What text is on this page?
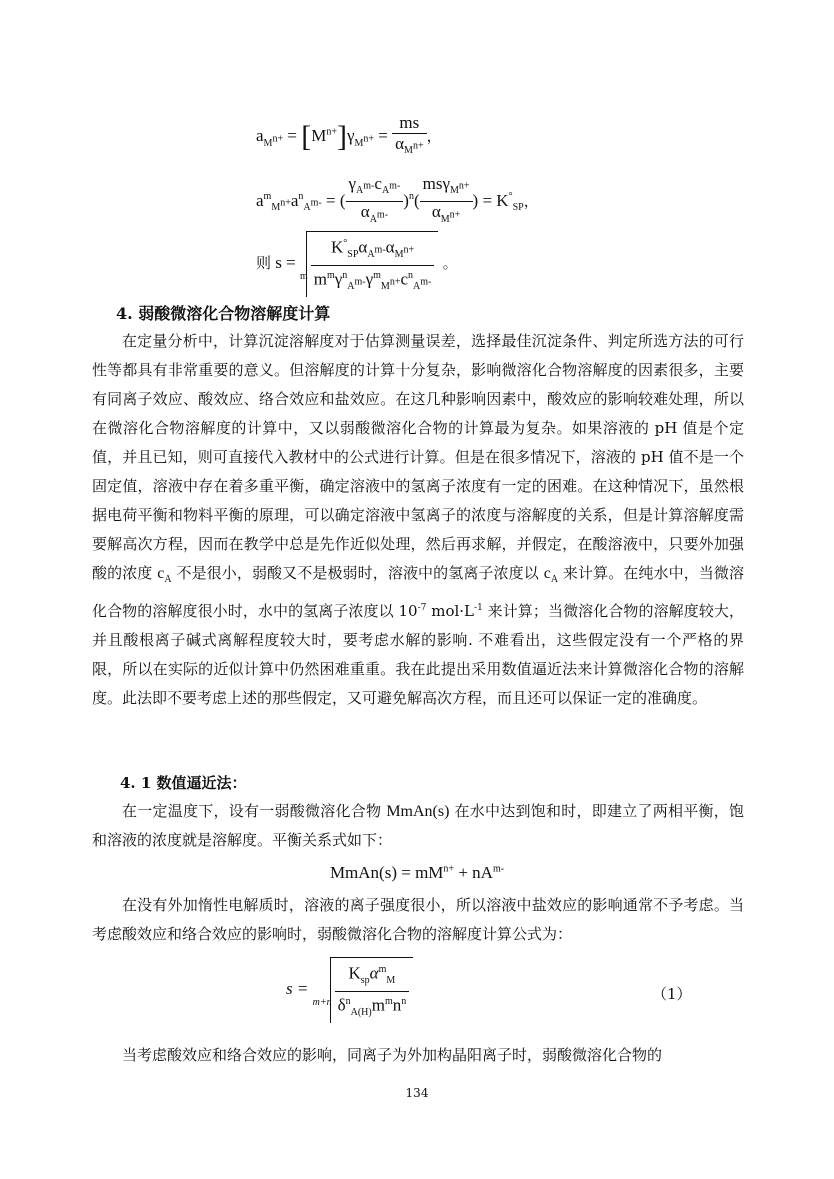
$a_{M^{n+}} = [M^{n+}]\gamma_{M^{n+}} = \frac{ms}{\alpha_{M^{n+}}}$ ，
$a^m_{M^{n+}}a^n_{A^{m-}}$ = ( $\frac{\gamma_{A^{m-}}c_{A^{m-}}}{\alpha_{A^{m-}}} )^n( \frac{ms\gamma_{M^{n+}}}{\alpha_{M^{n+}}}$ ) = $K^\circ_{SP}$，
则 $s = _m \frac{K^\circ_{SP}\alpha_{A^{m-}}\alpha_{M^{n+}}}{m^m\gamma^n_{A^{m-}}\gamma^m_{M^{n+}}c^n_{A^{m-}}}$ 。
4. 弱酸微溶化合物溶解度计算
在定量分析中，计算沉淀溶解度对于估算测量误差，选择最佳沉淀条件、判定所选方法的可行性等都具有非常重要的意义。但溶解度的计算十分复杂，影响微溶化合物溶解度的因素很多，主要有同离子效应、酸效应、络合效应和盐效应。在这几种影响因素中，酸效应的影响较难处理，所以在微溶化合物溶解度的计算中，又以弱酸微溶化合物的计算最为复杂。如果溶液的 pH 值是个定值，并且已知，则可直接代入教材中的公式进行计算。但是在很多情况下，溶液的 pH 值不是一个固定值，溶液中存在着多重平衡，确定溶液中的氢离子浓度有一定的困难。在这种情况下，虽然根据电荷平衡和物料平衡的原理，可以确定溶液中氢离子的浓度与溶解度的关系，但是计算溶解度需要解高次方程，因而在教学中总是先作近似处理，然后再求解，并假定，在酸溶液中，只要外加强酸的浓度 $c_A$ 不是很小，弱酸又不是极弱时，溶液中的氢离子浓度以 $c_A$ 来计算。在纯水中，当微溶化合物的溶解度很小时，水中的氢离子浓度以 $10^{-7}$ $mol\cdot L^{-1}$ 来计算；当微溶化合物的溶解度较大，并且酸根离子碱式离解程度较大时，要考虑水解的影响. 不难看出，这些假定没有一个严格的界限，所以在实际的近似计算中仍然困难重重。我在此提出采用数值逼近法来计算微溶化合物的溶解度。此法即不要考虑上述的那些假定，又可避免解高次方程，而且还可以保证一定的准确度。
4. 1 数值逼近法：
在一定温度下，设有一弱酸微溶化合物 MmAn(s) 在水中达到饱和时，即建立了两相平衡，饱和溶液的浓度就是溶解度。平衡关系式如下：
MmAn(s) = $mM^{n+} + nA^{m-}$
在没有外加惰性电解质时，溶液的离子强度很小，所以溶液中盐效应的影响通常不予考虑。当考虑酸效应和络合效应的影响时，弱酸微溶化合物的溶解度计算公式为：
$s = _{m+n} \frac{K_{sp}\alpha^m_M}{\delta^n_{A(H)}m^mn^n}$	（1）
当考虑酸效应和络合效应的影响，同离子为外加构晶阳离子时，弱酸微溶化合物的
134
